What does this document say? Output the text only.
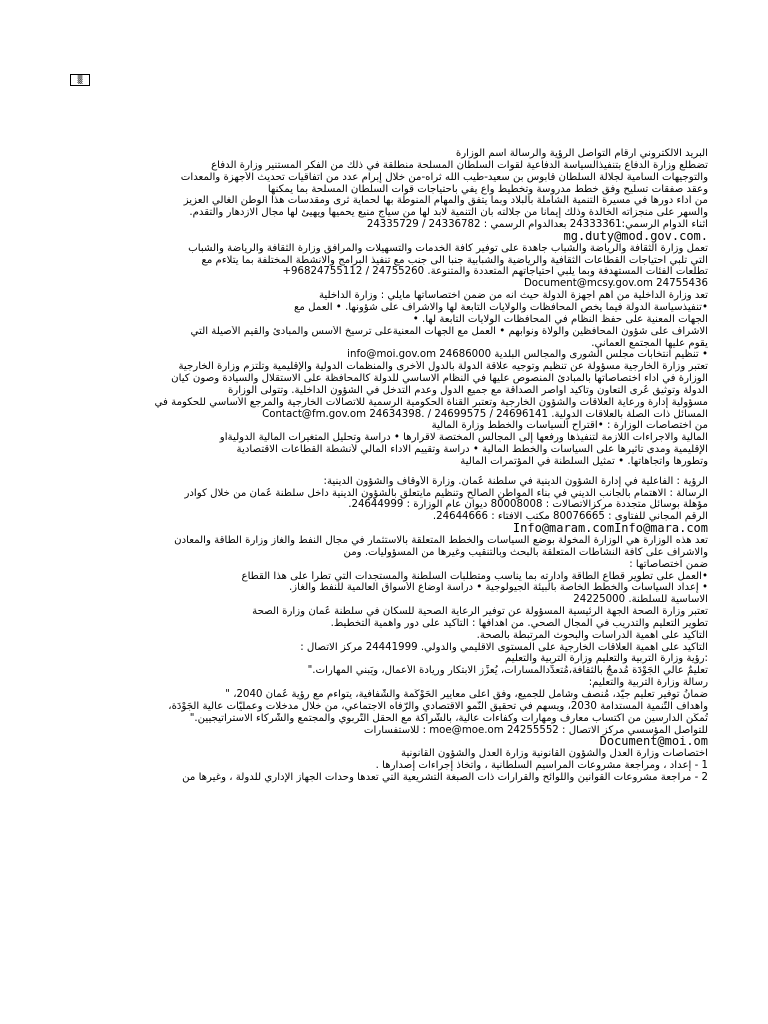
▒
البريد الالكتروني أرقام التواصل الرؤية والرسالة اسم الوزارة
تضطلع وزارة الدفاع بتنفيذالسياسة الدفاعية لقوات السلطان المسلحة منطلقة في ذلك من الفكر المستنير وزارة الدفاع
والتوجيهات السامية لجلالة السلطان قابوس بن سعيد-طيب الله ثراه-من خلال إبرام عدد من اتفاقيات تحديث الأجهزة والمعدات
وعقد صفقات تسليح وفق خطط مدروسة وتخطيط واع يفي باحتياجات قوات السلطان المسلحة بما يمكنها
من أداء دورها في مسيرة التنمية الشاملة بالبلاد وبما يتفق والمهام المنوطة بها لحماية ثرى ومقدسات هذا الوطن الغالي العزيز
والسهر على منجزاته الخالدة وذلك إيماناً من جلالته بأن التنمية لابد لها من سياج منيع يحميها ويهيئ لها مجال الازدهار والتقدم.
أثناء الدوام الرسمي:24333361 بعدالدوام الرسمي : 24336782 / 24335729
mg.duty@mod.gov.com.
تعمل وزارة الثقافة والرياضة والشباب جاهدة على توفير كافة الخدمات والتسهيلات والمرافق وزارة الثقافة والرياضة والشباب
التي تلبي احتياجات القطاعات الثقافية والرياضية والشبابية جنباً الى جنب مع تنفيذ البرامج والانشطة المختلفة بما يتلاءم مع
تطلعات الفئات المستهدفة وبما يلبي احتياجاتهم المتعددة والمتنوعة. 24755260 / 96824755112+
24755436 Document@mcsy.gov.om
تعد وزارة الداخلية من أهم أجهزة الدولة حيث انه من ضمن اختصاساتها مايلي : وزارة الداخلية
•تنفيذسياسة الدولة فيما يخص المحافظات والولايات التابعة لها والاشراف على شؤونها. • العمل مع
الجهات المعنية على حفظ النظام في المحافظات الولايات التابعة لها. •
الاشراف على شؤون المحافظين والولاة ونوابهم • العمل مع الجهات المعنيةعلى ترسيخ الأسس والمبادئ والقيم الأصيلة التي
يقوم عليها المجتمع العماني.
• تنظيم انتخابات مجلس الشورى والمجالس البلدية 24686000 info@moi.gov.om
تعتبر وزارة الخارجية مسؤولة عن تنظيم وتوجيه علاقة الدولة بالدول الأخرى والمنظمات الدولية والإقليمية وتلتزم وزارة الخارجية
الوزارة في أداء اختصاصاتها بالمبادئ المنصوص عليها في النظام الاساسي للدولة كالمحافظة على الاستقلال والسيادة وصون كيان
الدولة وتوثيق عُرى التعاون وتأكيد أواصر الصداقة مع جميع الدول وعدم التدخل في الشؤون الداخلية. وتتولى الوزارة
مسؤولية إدارة ورعاية العلاقات والشؤون الخارجية وتعتبر القناة الحكومية الرسمية للاتصالات الخارجية والمرجع الأساسي للحكومة في
المسائل ذات الصلة بالعلاقات الدولية. 24696141 / 24699575 / .24634398 Contact@fm.gov.om
من اختصاصات الوزارة : •اقتراح السياسات والخطط وزارة المالية
المالية والاجراءات اللازمة لتنفيذها ورفعها إلى المجالس المختصة لاقرارها • دراسة وتحليل المتغيرات المالية الدوليةأو
الإقليمية ومدى تأثيرها على السياسات والخطط المالية • دراسة وتقييم الاداء المالي لأنشطة القطاعات الاقتصادية
وتطورها واتجاهاتها. • تمثيل السلطنة في المؤتمرات المالية
الرؤية : الفاعلية في إدارة الشؤون الدينية في سلطنة عُمان. وزارة الأوقاف والشؤون الدينية:
الرسالة : الاهتمام بالجانب الديني في بناء المواطن الصالح وتنظيم مايتعلق بالشؤون الدينية داخل سلطنة عُمان من خلال كوادر
مؤهلة بوسائل متجددة مركزالاتصالات : 80008008 ديوان عام الوزارة : 24644999.
الرقم المجاني للفتاوى : 80076665 مكتب الافتاء : 24644666.
Info@maram.comInfo@mara.com
تعد هذه الوزارة هي الوزارة المخولة بوضع السياسات والخطط المتعلقة بالاستثمار في مجال النفط والغاز وزارة الطاقة والمعادن
والاشراف على كافة النشاطات المتعلقة بالبحث وبالتنقيب وغيرها من المسؤوليات. ومن
ضمن اختصاصاتها :
•العمل على تطوير قطاع الطاقة وادارته بما يناسب ومتطلبات السلطنة والمستجدات التي تطرأ على هذا القطاع
• إعداد السياسات والخطط الخاصة بالبيئة الجيولوجية • دراسة أوضاع الأسواق العالمية للنفط والغاز.
الاساسية للسلطنة. 24225000
تعتبر وزارة الصحة الجهة الرئيسية المسؤولة عن توفير الرعاية الصحية للسكان في سلطنة عُمان وزارة الصحة
تطوير التعليم والتدريب في المجال الصحي. من اهدافها : التأكيد على دور وأهمية التخطيط.
التأكيد على أهمية الدراسات والبحوث المرتبطة بالصحة.
التأكيد على أهمية العلاقات الخارجية على المستوى الاقليمي والدولي. 24441999 مركز الاتصال :
:رؤية وزارة التربية والتعليم وزارة التربية والتعليم
تعليمٌ عالي الجَوْدَة مُدمجٌ بالثقافة،مُتعدِّدالمسارات، يُعزِّز الابتكار وريادة الأعمال، ويَبني المهارات."
رسالة وزارة التربية والتعليم:
ضمانُ توفير تعليم جيّد، مُنصف وشامل للجميع، وفق أعلى معايير الحَوْكَمة والشّفافية، يتواءم مع رؤية عُمان 2040، "
وأهداف التّنمية المستدامة 2030، ويسهم في تحقيق النُّمو الاقتصادي والرّفاه الاجتماعي، من خلال مدخلات وعمليّات عالية الجَوْدَة،
تُمكّن الدارسين من اكتساب معارف ومهارات وكفاءات عالية، بالشّراكة مع الحقل التّربوي والمجتمع والشُّركاء الاستراتيجيين."
للتواصل المؤسسي مركز الاتصال : 24255552 moe@moe.om : للاستفسارات
Document@moi.om
اختصاصات وزارة العدل والشؤون القانونية وزارة العدل والشؤون القانونية
1 - إعداد ، ومراجعة مشروعات المراسيم السلطانية ، واتخاذ إجراءات إصدارها .
2 - مراجعة مشروعات القوانين واللوائح والقرارات ذات الصبغة التشريعية التي تعدها وحدات الجهاز الإداري للدولة ، وغيرها من
